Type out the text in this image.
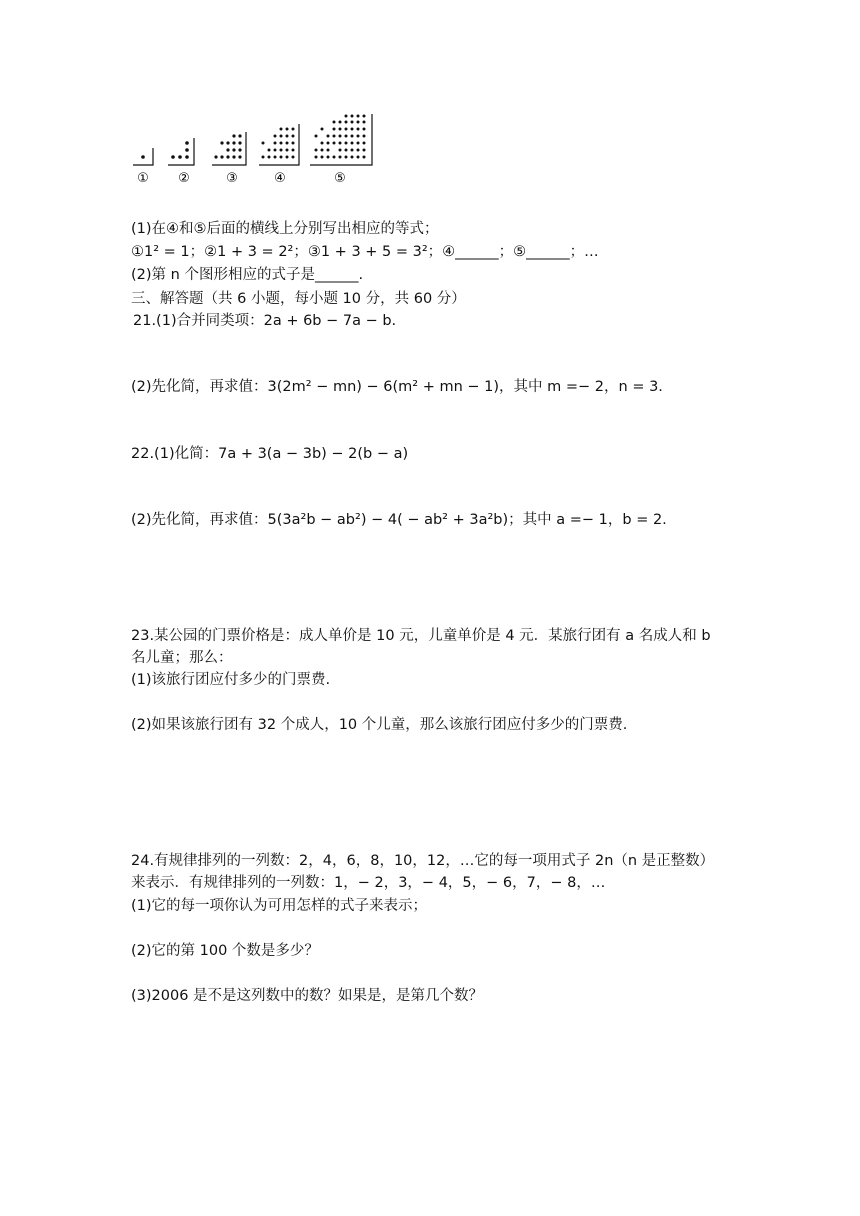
① ②	③	④	⑤
(1)在④和⑤后面的横线上分别写出相应的等式；
①1² = 1；②1 + 3 = 2²；③1 + 3 + 5 = 3²；④______；⑤______；…
(2)第 n 个图形相应的式子是______.
三、解答题（共 6 小题，每小题 10 分，共 60 分）
21.(1)合并同类项：2a + 6b − 7a − b.
(2)先化简，再求值：3(2m² − mn) − 6(m² + mn − 1)，其中 m =− 2，n = 3.
22.(1)化简：7a + 3(a − 3b) − 2(b − a)
(2)先化简，再求值：5(3a²b − ab²) − 4( − ab² + 3a²b)；其中 a =− 1，b = 2.
23.某公园的门票价格是：成人单价是 10 元，儿童单价是 4 元．某旅行团有 a 名成人和 b
名儿童；那么：
(1)该旅行团应付多少的门票费.
(2)如果该旅行团有 32 个成人，10 个儿童，那么该旅行团应付多少的门票费.
24.有规律排列的一列数：2，4，6，8，10，12，…它的每一项用式子 2n（n 是正整数）
来表示．有规律排列的一列数：1，− 2，3，− 4，5，− 6，7，− 8，…
(1)它的每一项你认为可用怎样的式子来表示；
(2)它的第 100 个数是多少？
(3)2006 是不是这列数中的数？如果是，是第几个数？
